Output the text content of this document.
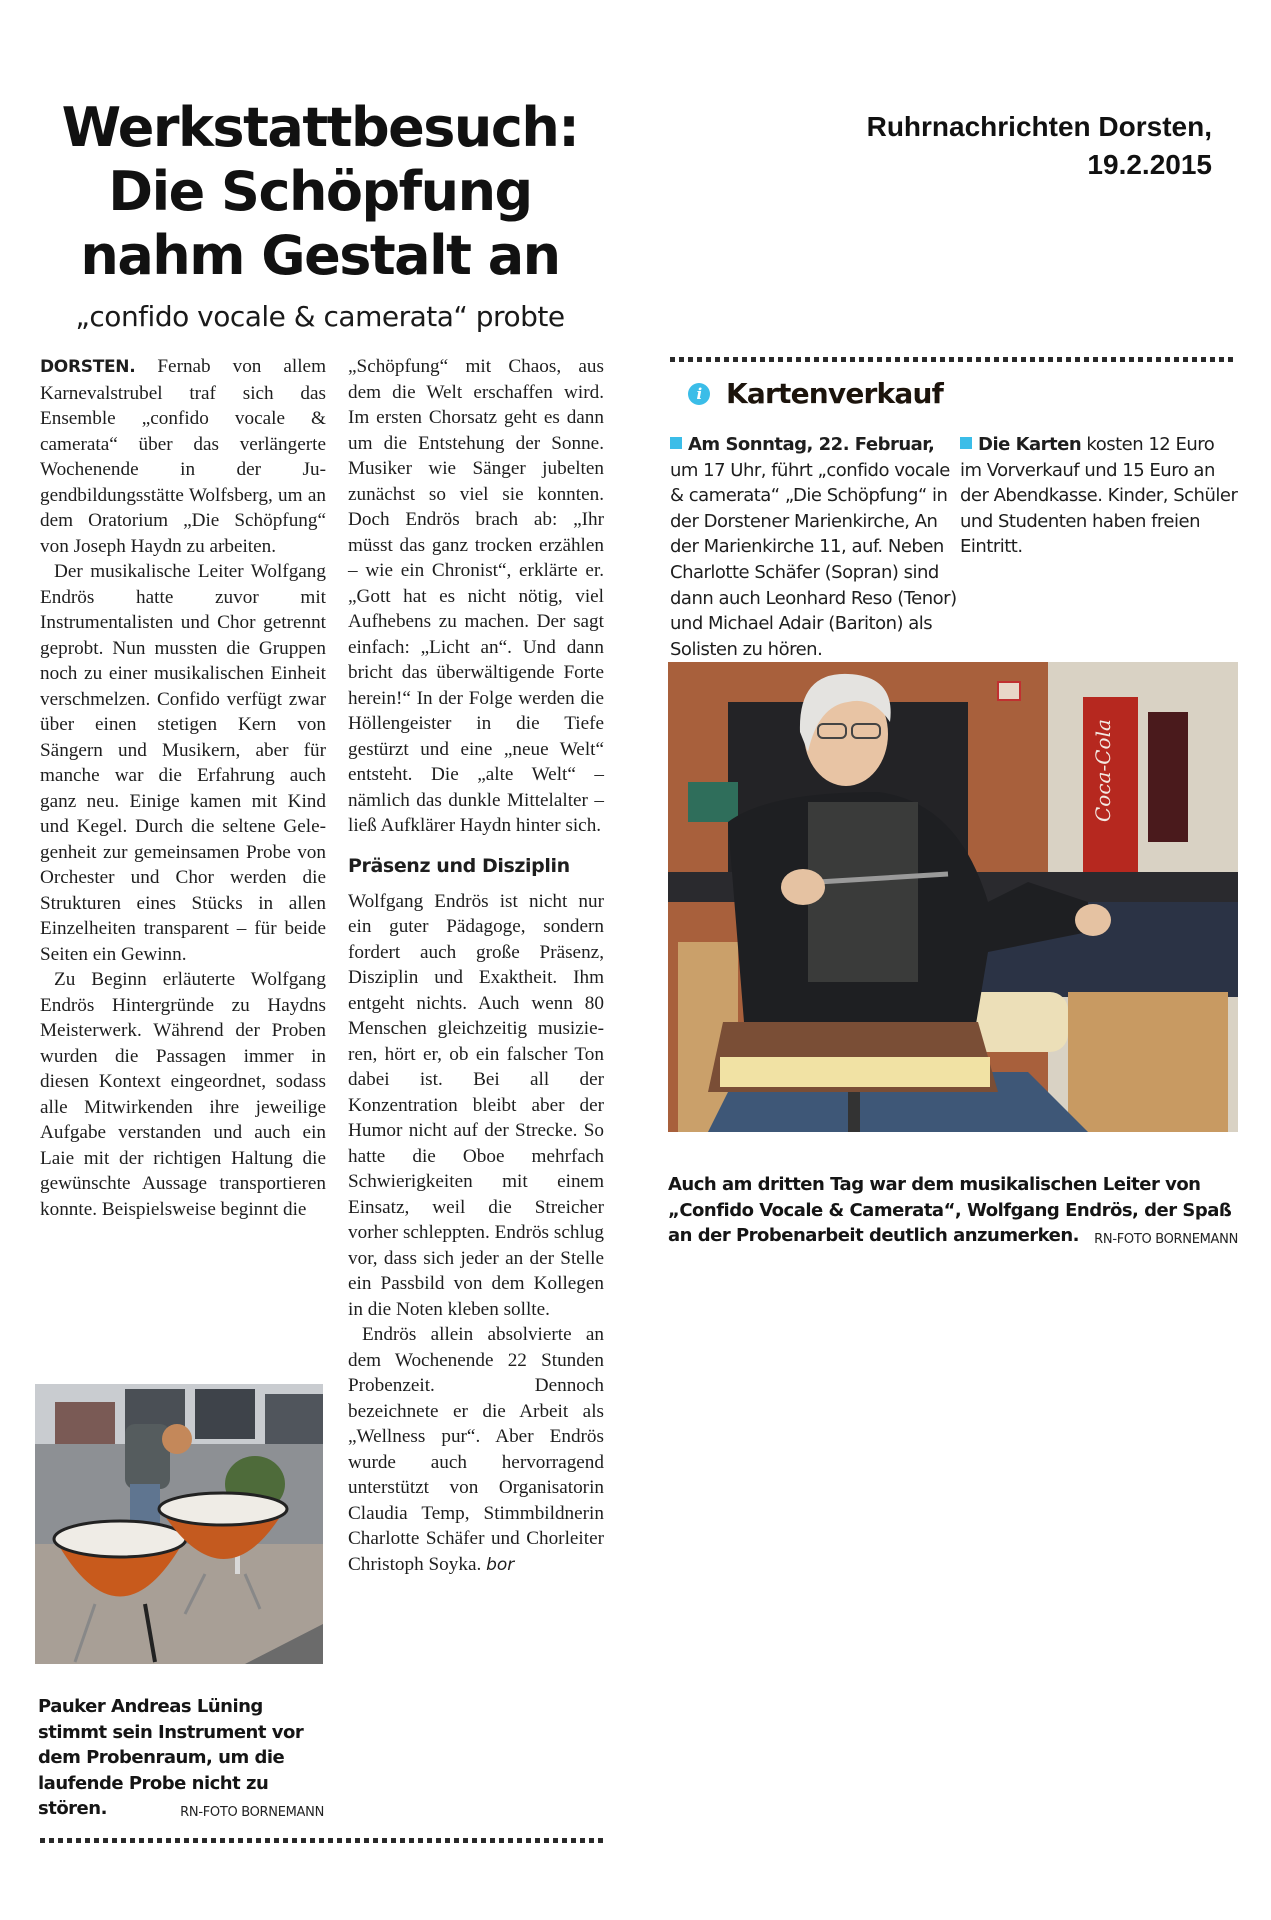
Ruhrnachrichten Dorsten,
19.2.2015
Werkstattbesuch:
Die Schöpfung
nahm Gestalt an
„confido vocale & camerata“ probte

DORSTEN. Fernab von allem Karnevalstrubel traf sich das Ensemble „confido vocale & camerata“ über das verlängerte Wochenende in der Jugendbildungsstätte Wolfsberg, um an dem Oratorium „Die Schöpfung“ von Joseph Haydn zu arbeiten.

Der musikalische Leiter Wolfgang Endrös hatte zuvor mit Instrumentalisten und Chor getrennt geprobt. Nun mussten die Gruppen noch zu einer musikalischen Einheit verschmelzen. Confido verfügt zwar über einen stetigen Kern von Sängern und Musikern, aber für manche war die Erfahrung auch ganz neu. Einige kamen mit Kind und Kegel. Durch die seltene Gelegenheit zur gemeinsamen Probe von Orchester und Chor werden die Strukturen eines Stücks in allen Einzelheiten transparent – für beide Seiten ein Gewinn.

Zu Beginn erläuterte Wolfgang Endrös Hintergründe zu Haydns Meisterwerk. Während der Proben wurden die Passagen immer in diesen Kontext eingeordnet, sodass alle Mitwirkenden ihre jeweilige Aufgabe verstanden und auch ein Laie mit der richtigen Haltung die gewünschte Aussage transportieren konnte. Beispielsweise beginnt die

„Schöpfung“ mit Chaos, aus dem die Welt erschaffen wird. Im ersten Chorsatz geht es dann um die Entstehung der Sonne. Musiker wie Sänger jubelten zunächst so viel sie konnten. Doch Endrös brach ab: „Ihr müsst das ganz trocken erzählen – wie ein Chronist“, erklärte er. „Gott hat es nicht nötig, viel Aufhebens zu machen. Der sagt einfach: „Licht an“. Und dann bricht das überwältigende Forte herein!“ In der Folge werden die Höllengeister in die Tiefe gestürzt und eine „neue Welt“ entsteht. Die „alte Welt“ – nämlich das dunkle Mittelalter – ließ Aufklärer Haydn hinter sich.

Präsenz und Disziplin

Wolfgang Endrös ist nicht nur ein guter Pädagoge, sondern fordert auch große Präsenz, Disziplin und Exaktheit. Ihm entgeht nichts. Auch wenn 80 Menschen gleichzeitig musizieren, hört er, ob ein falscher Ton dabei ist. Bei all der Konzentration bleibt aber der Humor nicht auf der Strecke. So hatte die Oboe mehrfach Schwierigkeiten mit einem Einsatz, weil die Streicher vorher schleppten. Endrös schlug vor, dass sich jeder an der Stelle ein Passbild von dem Kollegen in die Noten kleben sollte.

Endrös allein absolvierte an dem Wochenende 22 Stunden Probenzeit. Dennoch bezeichnete er die Arbeit als „Wellness pur“. Aber Endrös wurde auch hervorragend unterstützt von Organisatorin Claudia Temp, Stimmbildnerin Charlotte Schäfer und Chorleiter Christoph Soyka. bor

Pauker Andreas Lüning stimmt sein Instrument vor dem Probenraum, um die laufende Probe nicht zu stören.	RN-FOTO BORNEMANN
i Kartenverkauf

Am Sonntag, 22. Februar, um 17 Uhr, führt „confido vocale & camerata“ „Die Schöpfung“ in der Dorstener Marienkirche, An der Marienkirche 11, auf. Neben Charlotte Schäfer (Sopran) sind dann auch Leonhard Reso (Tenor) und Michael Adair (Bariton) als Solisten zu hören.

Die Karten kosten 12 Euro im Vorverkauf und 15 Euro an der Abendkasse. Kinder, Schüler und Studenten haben freien Eintritt.

Coca-Cola
Auch am dritten Tag war dem musikalischen Leiter von „Confido Vocale & Camerata“, Wolfgang Endrös, der Spaß an der Probenarbeit deutlich anzumerken. RN-FOTO BORNEMANN
